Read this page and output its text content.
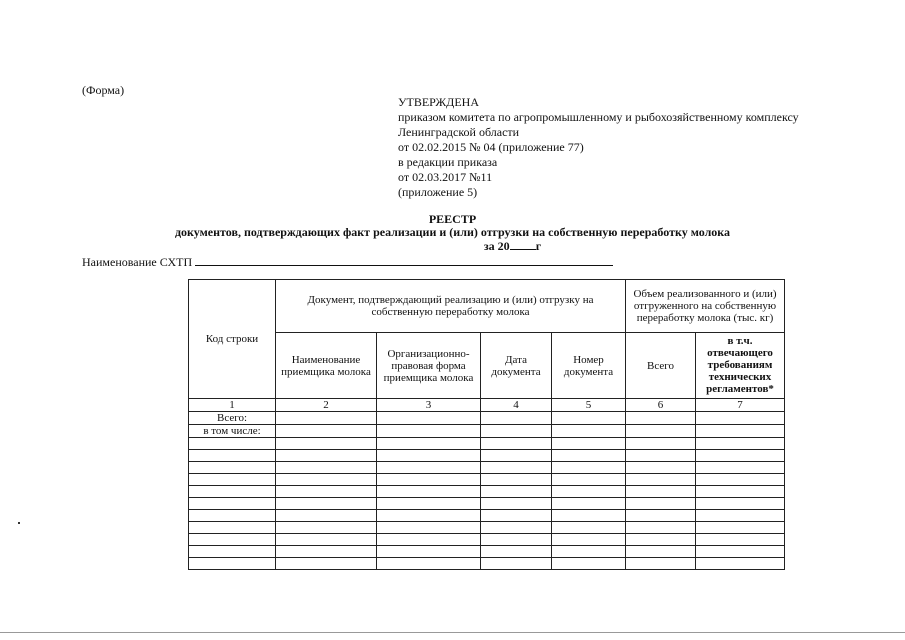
(Форма)
УТВЕРЖДЕНА
приказом комитета по агропромышленному и рыбохозяйственному комплексу
Ленинградской области
от 02.02.2015 № 04 (приложение 77)
в редакции приказа
от 02.03.2017 №11
(приложение 5)
РЕЕСТР
документов, подтверждающих факт реализации и (или) отгрузки на собственную переработку молока
за 20 г
Наименование СХТП
Код строки	Документ, подтверждающий реализацию и (или) отгрузку на собственную переработку молока				Объем реализованного и (или) отгруженного на собственную переработку молока (тыс. кг)	
	Наименование приемщика молока	Организационно-правовая форма приемщика молока	Дата документа	Номер документа	Всего	в т.ч. отвечающего требованиям технических регламентов*
1	2	3	4	5	6	7
Всего:						
в том числе:						
